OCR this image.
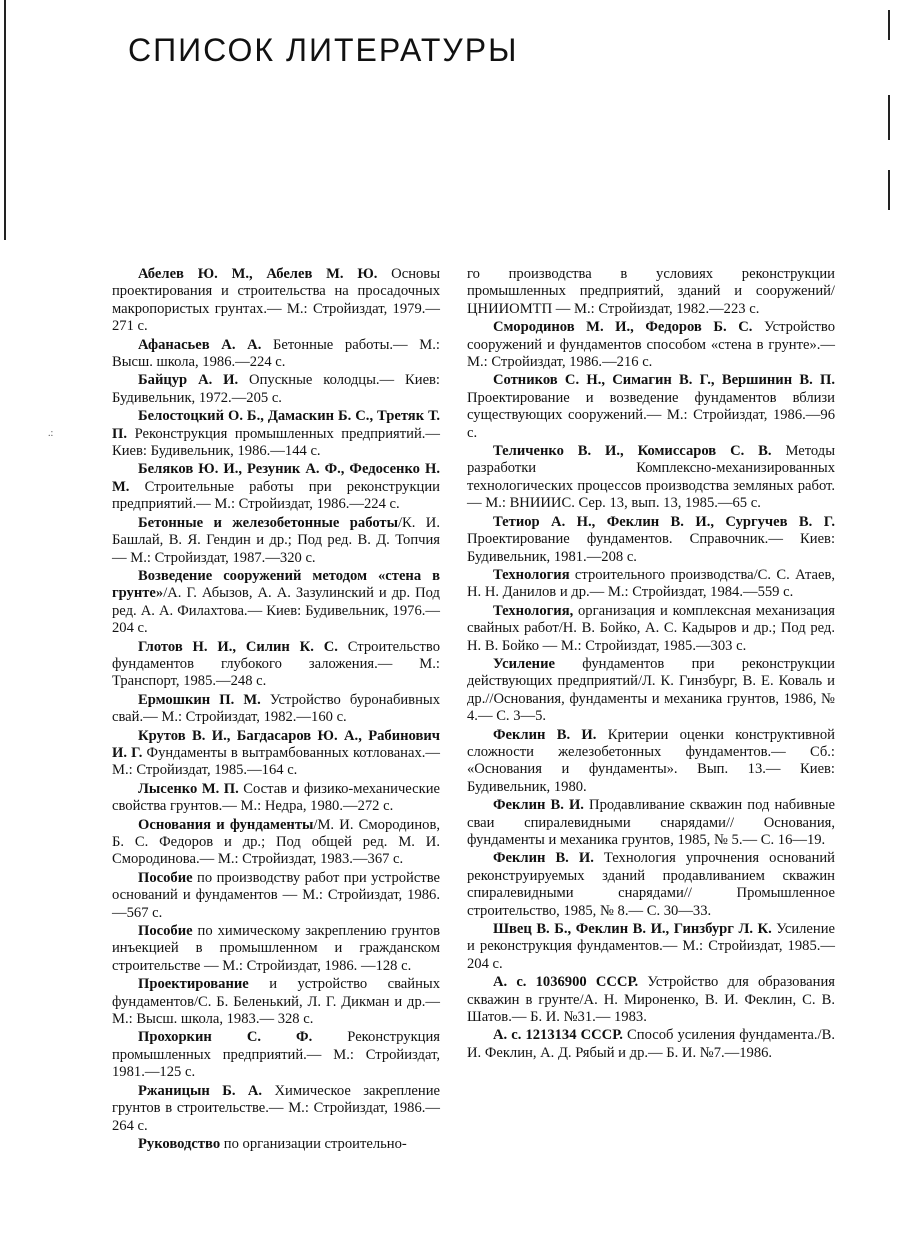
СПИСОК ЛИТЕРАТУРЫ

Абелев Ю. М., Абелев М. Ю. Основы проектирования и строительства на просадочных макропористых грунтах.— М.: Стройиздат, 1979.—271 с.

Афанасьев А. А. Бетонные работы.— М.: Высш. школа, 1986.—224 с.

Байцур А. И. Опускные колодцы.— Киев: Будивельник, 1972.—205 с.

Белостоцкий О. Б., Дамаскин Б. С., Третяк Т. П. Реконструкция промышленных предприятий.—Киев: Будивельник, 1986.—144 с.

Беляков Ю. И., Резуник А. Ф., Федосенко Н. М. Строительные работы при реконструкции предприятий.— М.: Стройиздат, 1986.—224 с.

Бетонные и железобетонные работы/К. И. Башлай, В. Я. Гендин и др.; Под ред. В. Д. Топчия — М.: Стройиздат, 1987.—320 с.

Возведение сооружений методом «стена в грунте»/А. Г. Абызов, А. А. Зазулинский и др. Под ред. А. А. Филахтова.— Киев: Будивельник, 1976.—204 с.

Глотов Н. И., Силин К. С. Строительство фундаментов глубокого заложения.— М.: Транспорт, 1985.—248 с.

Ермошкин П. М. Устройство буронабивных свай.— М.: Стройиздат, 1982.—160 с.

Крутов В. И., Багдасаров Ю. А., Рабинович И. Г. Фундаменты в вытрамбованных котлованах.— М.: Стройиздат, 1985.—164 с.

Лысенко М. П. Состав и физико-механические свойства грунтов.— М.: Недра, 1980.—272 с.

Основания и фундаменты/М. И. Смородинов, Б. С. Федоров и др.; Под общей ред. М. И. Смородинова.— М.: Стройиздат, 1983.—367 с.

Пособие по производству работ при устройстве оснований и фундаментов — М.: Стройиздат, 1986.—567 с.

Пособие по химическому закреплению грунтов инъекцией в промышленном и гражданском строительстве — М.: Стройиздат, 1986. —128 с.

Проектирование и устройство свайных фундаментов/С. Б. Беленький, Л. Г. Дикман и др.— М.: Высш. школа, 1983.— 328 с.

Прохоркин С. Ф. Реконструкция промышленных предприятий.— М.: Стройиздат, 1981.—125 с.

Ржаницын Б. А. Химическое закрепление грунтов в строительстве.— М.: Стройиздат, 1986.—264 с.

Руководство по организации строительно-

го производства в условиях реконструкции промышленных предприятий, зданий и сооружений/ЦНИИОМТП — М.: Стройиздат, 1982.—223 с.

Смородинов М. И., Федоров Б. С. Устройство сооружений и фундаментов способом «стена в грунте».— М.: Стройиздат, 1986.—216 с.

Сотников С. Н., Симагин В. Г., Вершинин В. П. Проектирование и возведение фундаментов вблизи существующих сооружений.— М.: Стройиздат, 1986.—96 с.

Теличенко В. И., Комиссаров С. В. Методы разработки Комплексно-механизированных технологических процессов производства земляных работ.— М.: ВНИИИС. Сер. 13, вып. 13, 1985.—65 с.

Тетиор А. Н., Феклин В. И., Сургучев В. Г. Проектирование фундаментов. Справочник.— Киев: Будивельник, 1981.—208 с.

Технология строительного производства/С. С. Атаев, Н. Н. Данилов и др.— М.: Стройиздат, 1984.—559 с.

Технология, организация и комплексная механизация свайных работ/Н. В. Бойко, А. С. Кадыров и др.; Под ред. Н. В. Бойко — М.: Стройиздат, 1985.—303 с.

Усиление фундаментов при реконструкции действующих предприятий/Л. К. Гинзбург, В. Е. Коваль и др.//Основания, фундаменты и механика грунтов, 1986, № 4.— С. 3—5.

Феклин В. И. Критерии оценки конструктивной сложности железобетонных фундаментов.— Сб.: «Основания и фундаменты». Вып. 13.— Киев: Будивельник, 1980.

Феклин В. И. Продавливание скважин под набивные сваи спиралевидными снарядами// Основания, фундаменты и механика грунтов, 1985, № 5.— С. 16—19.

Феклин В. И. Технология упрочнения оснований реконструируемых зданий продавливанием скважин спиралевидными снарядами// Промышленное строительство, 1985, № 8.— С. 30—33.

Швец В. Б., Феклин В. И., Гинзбург Л. К. Усиление и реконструкция фундаментов.— М.: Стройиздат, 1985.—204 с.

А. с. 1036900 СССР. Устройство для образования скважин в грунте/А. Н. Мироненко, В. И. Феклин, С. В. Шатов.— Б. И. №31.— 1983.

А. с. 1213134 СССР. Способ усиления фундамента./В. И. Феклин, А. Д. Рябый и др.— Б. И. №7.—1986.

.:
